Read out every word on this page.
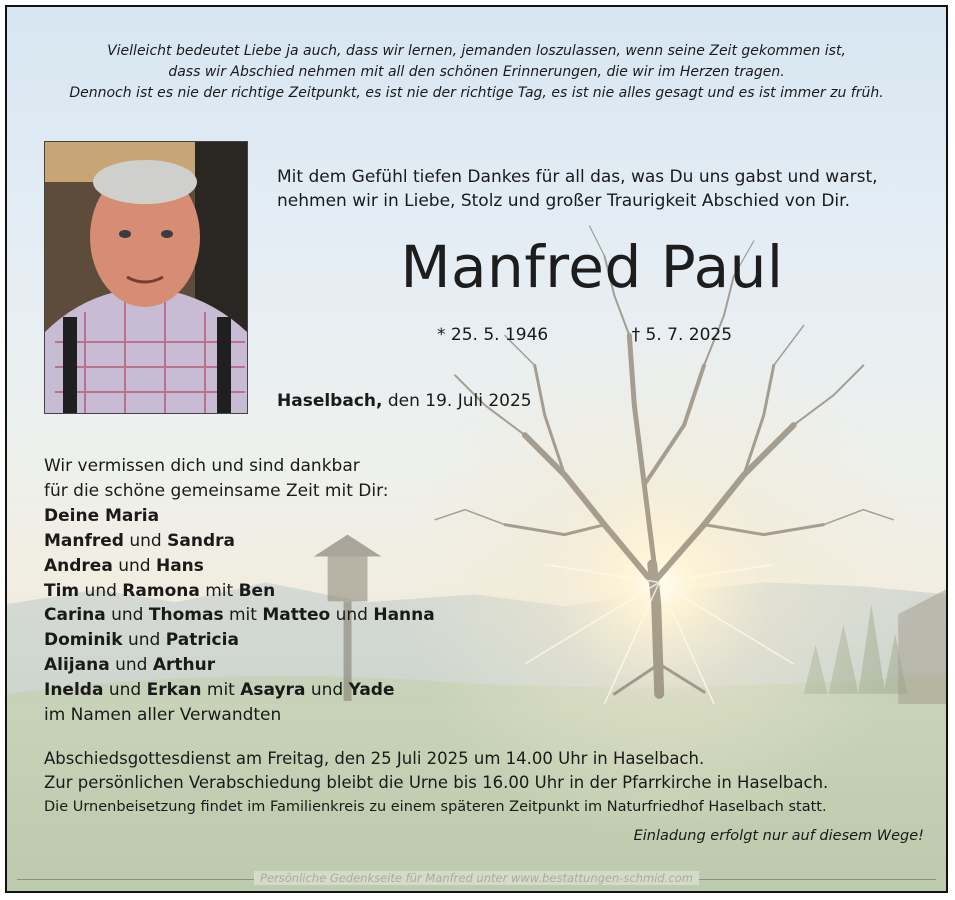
Vielleicht bedeutet Liebe ja auch, dass wir lernen, jemanden loszulassen, wenn seine Zeit gekommen ist,
dass wir Abschied nehmen mit all den schönen Erinnerungen, die wir im Herzen tragen.
Dennoch ist es nie der richtige Zeitpunkt, es ist nie der richtige Tag, es ist nie alles gesagt und es ist immer zu früh.
Mit dem Gefühl tiefen Dankes für all das, was Du uns gabst und warst,
nehmen wir in Liebe, Stolz und großer Traurigkeit Abschied von Dir.
Manfred Paul
* 25. 5. 1946	† 5. 7. 2025
Haselbach, den 19. Juli 2025
Wir vermissen dich und sind dankbar
für die schöne gemeinsame Zeit mit Dir:
Deine Maria
Manfred und Sandra
Andrea und Hans
Tim und Ramona mit Ben
Carina und Thomas mit Matteo und Hanna
Dominik und Patricia
Alijana und Arthur
Inelda und Erkan mit Asayra und Yade
im Namen aller Verwandten
Abschiedsgottesdienst am Freitag, den 25 Juli 2025 um 14.00 Uhr in Haselbach.
Zur persönlichen Verabschiedung bleibt die Urne bis 16.00 Uhr in der Pfarrkirche in Haselbach.
Die Urnenbeisetzung findet im Familienkreis zu einem späteren Zeitpunkt im Naturfriedhof Haselbach statt.
Einladung erfolgt nur auf diesem Wege!
Persönliche Gedenkseite für Manfred unter www.bestattungen-schmid.com
